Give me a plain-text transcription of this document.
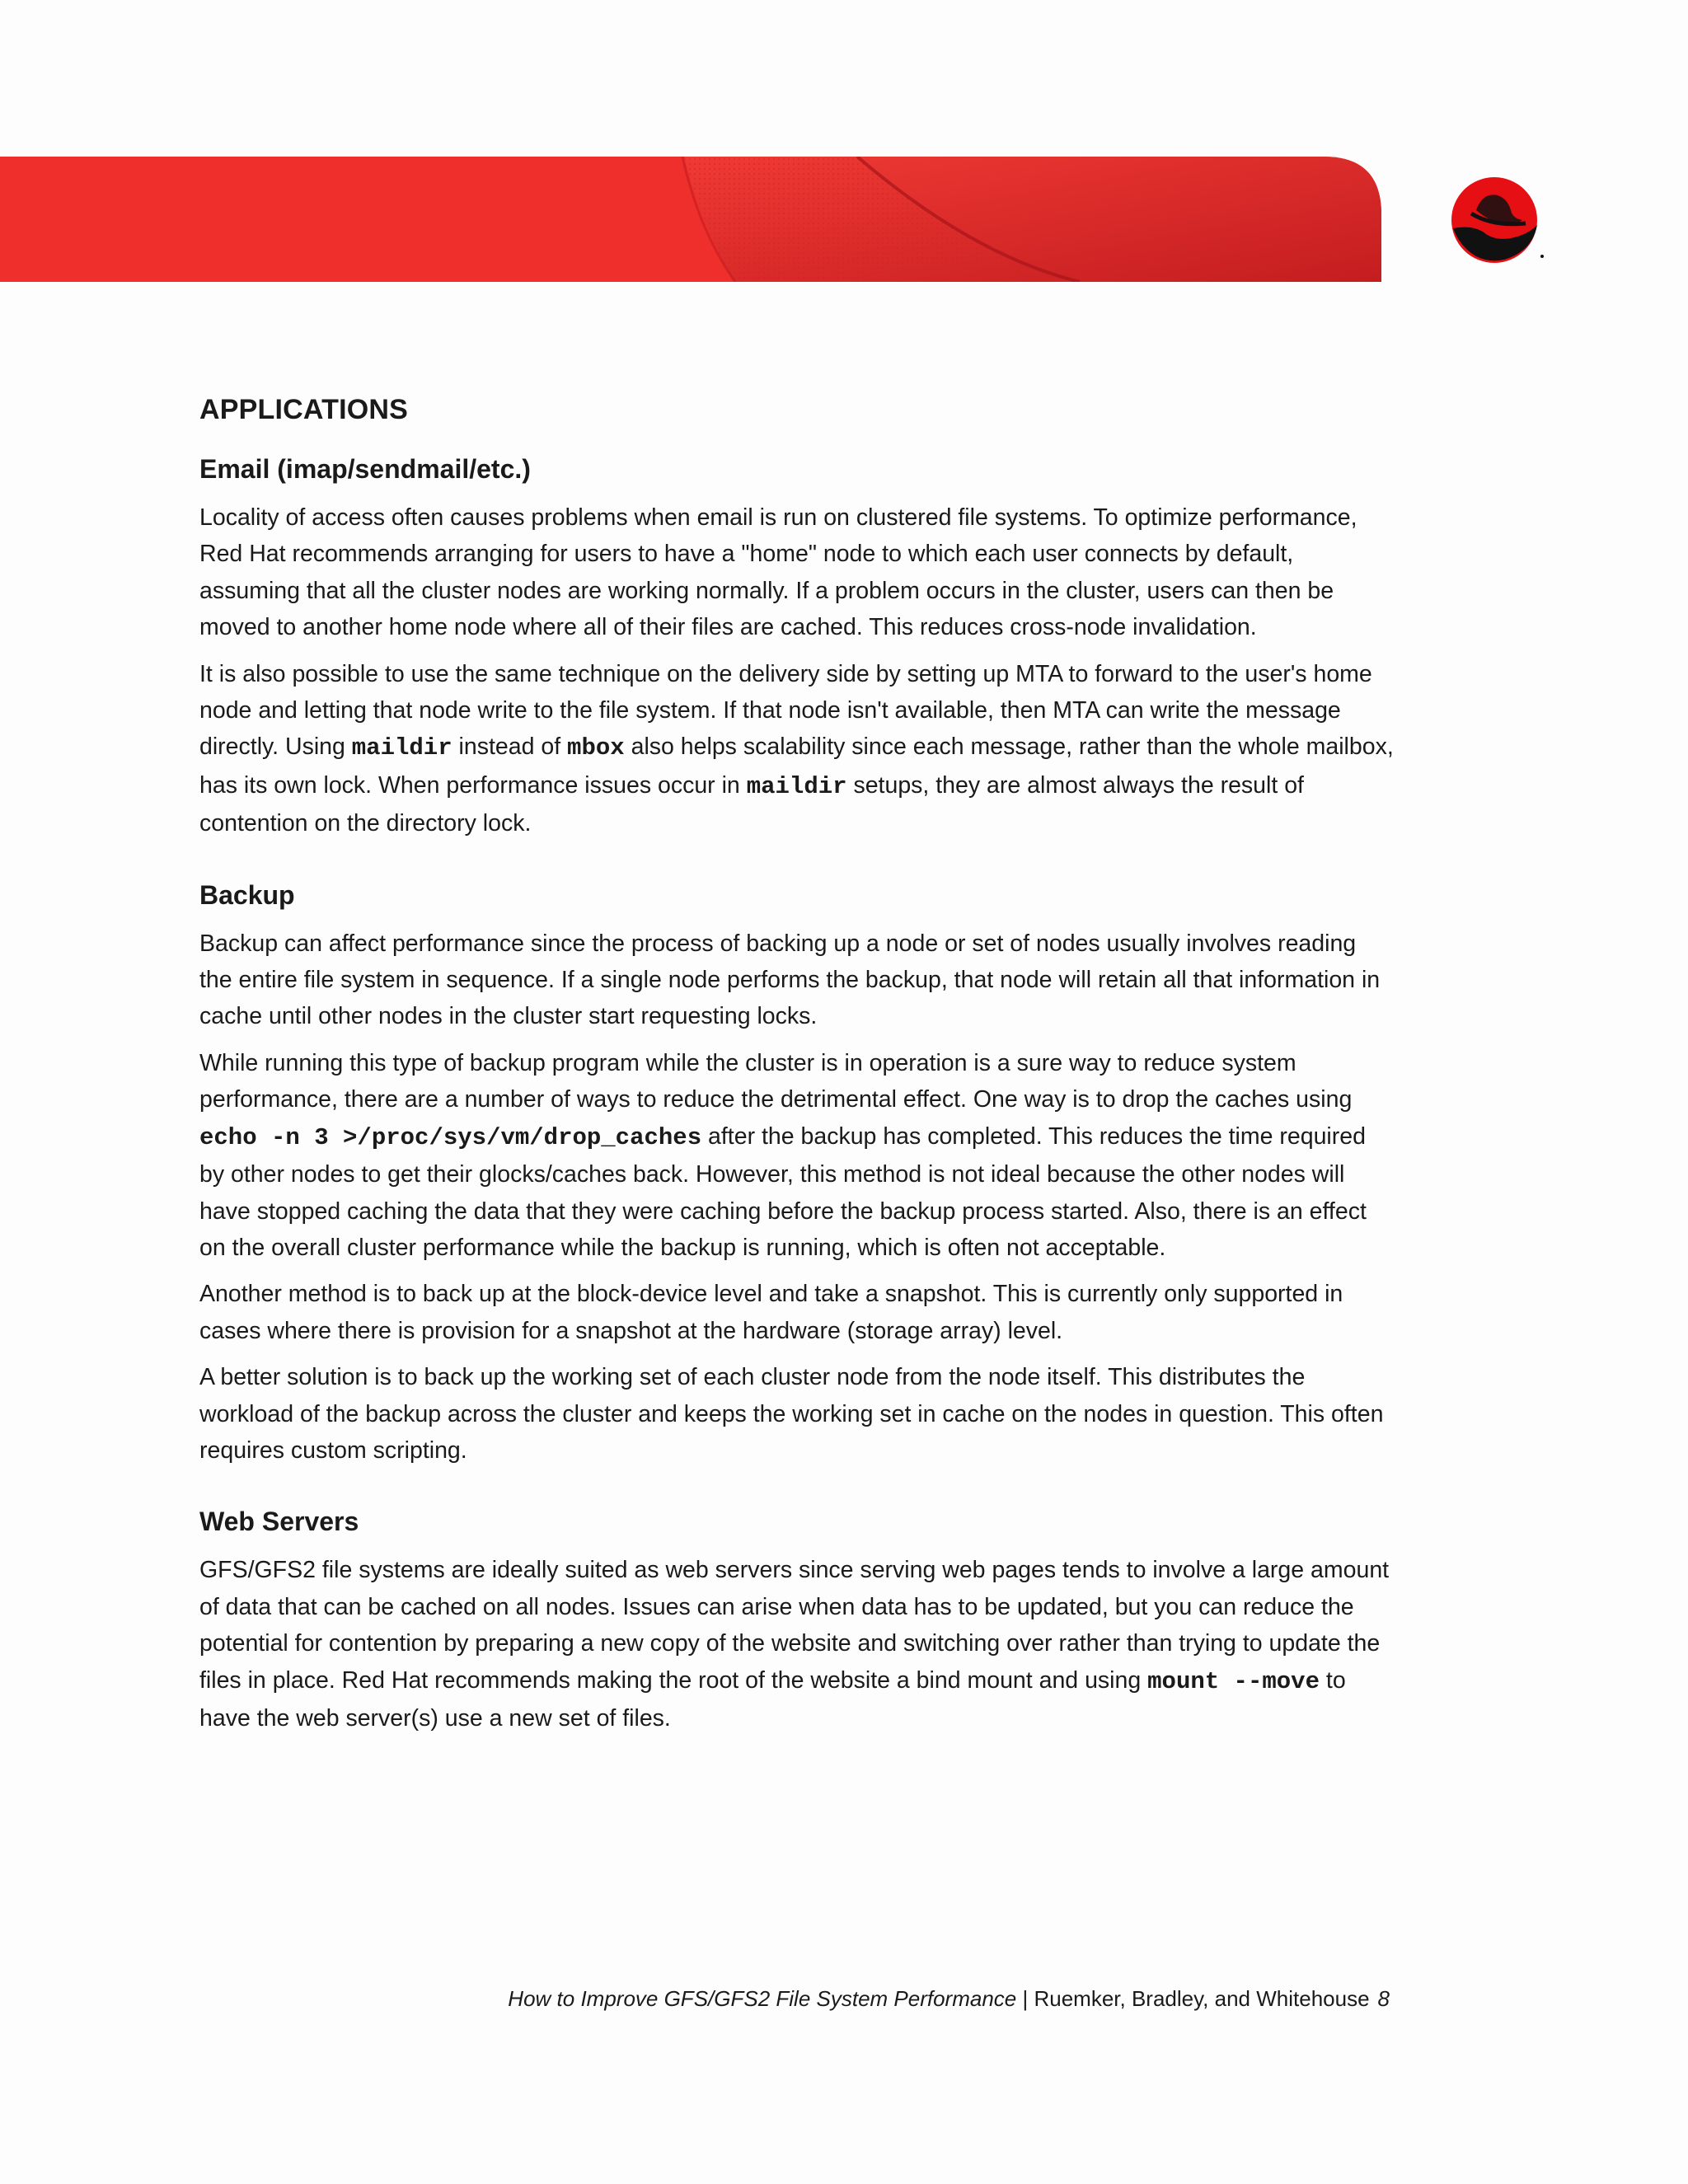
APPLICATIONS
Email (imap/sendmail/etc.)

Locality of access often causes problems when email is run on clustered file systems. To optimize performance, Red Hat recommends arranging for users to have a "home" node to which each user connects by default, assuming that all the cluster nodes are working normally. If a problem occurs in the cluster, users can then be moved to another home node where all of their files are cached. This reduces cross-node invalidation.

It is also possible to use the same technique on the delivery side by setting up MTA to forward to the user's home node and letting that node write to the file system. If that node isn't available, then MTA can write the message directly. Using maildir instead of mbox also helps scalability since each message, rather than the whole mailbox, has its own lock. When performance issues occur in maildir setups, they are almost always the result of contention on the directory lock.

Backup

Backup can affect performance since the process of backing up a node or set of nodes usually involves reading the entire file system in sequence. If a single node performs the backup, that node will retain all that information in cache until other nodes in the cluster start requesting locks.

While running this type of backup program while the cluster is in operation is a sure way to reduce system performance, there are a number of ways to reduce the detrimental effect. One way is to drop the caches using echo -n 3 >/proc/sys/vm/drop_caches after the backup has completed. This reduces the time required by other nodes to get their glocks/caches back. However, this method is not ideal because the other nodes will have stopped caching the data that they were caching before the backup process started. Also, there is an effect on the overall cluster performance while the backup is running, which is often not acceptable.

Another method is to back up at the block-device level and take a snapshot. This is currently only supported in cases where there is provision for a snapshot at the hardware (storage array) level.

A better solution is to back up the working set of each cluster node from the node itself. This distributes the workload of the backup across the cluster and keeps the working set in cache on the nodes in question. This often requires custom scripting.

Web Servers

GFS/GFS2 file systems are ideally suited as web servers since serving web pages tends to involve a large amount of data that can be cached on all nodes. Issues can arise when data has to be updated, but you can reduce the potential for contention by preparing a new copy of the website and switching over rather than trying to update the files in place. Red Hat recommends making the root of the website a bind mount and using mount --move to have the web server(s) use a new set of files.

How to Improve GFS/GFS2 File System Performance | Ruemker, Bradley, and Whitehouse 8
